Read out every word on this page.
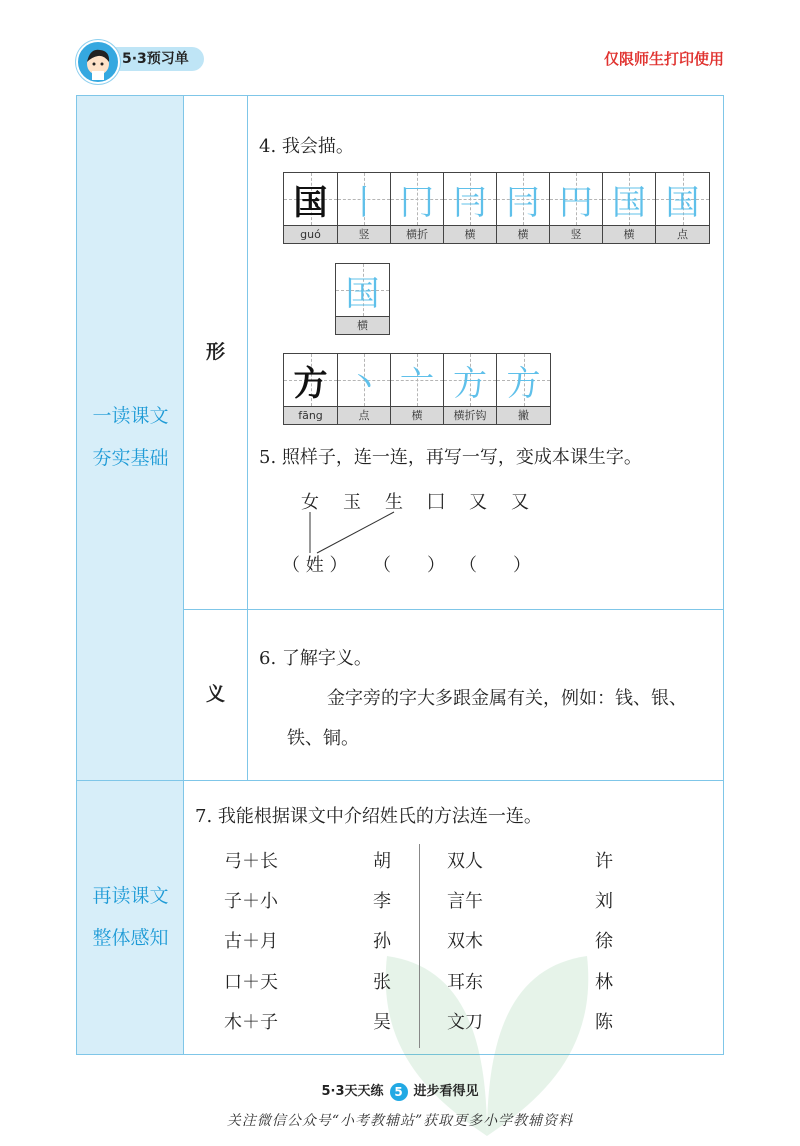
5·3预习单	仅限师生打印使用
一读课文
夯实基础
再读课文
整体感知
形
义
4. 我会描。
国
guó
丨
竖
冂
横折
冃
横
冃
横
円
竖
国
横
国
点
国
横
方
fāng
丶
点
亠
横
方
横折钩
方
撇
5. 照样子，连一连，再写一写，变成本课生字。
女 玉 生 囗 又 又
（ 姓 ） （　　） （　　）
6. 了解字义。
金字旁的字大多跟金属有关，例如：钱、银、
铁、铜。
7. 我能根据课文中介绍姓氏的方法连一连。
弓＋长
子＋小
古＋月
口＋天
木＋子
胡
李
孙
张
吴
双人
言午
双木
耳东
文刀
许
刘
徐
林
陈
5·3天天练 5 进步看得见
关注微信公众号“小考教辅站”获取更多小学教辅资料
